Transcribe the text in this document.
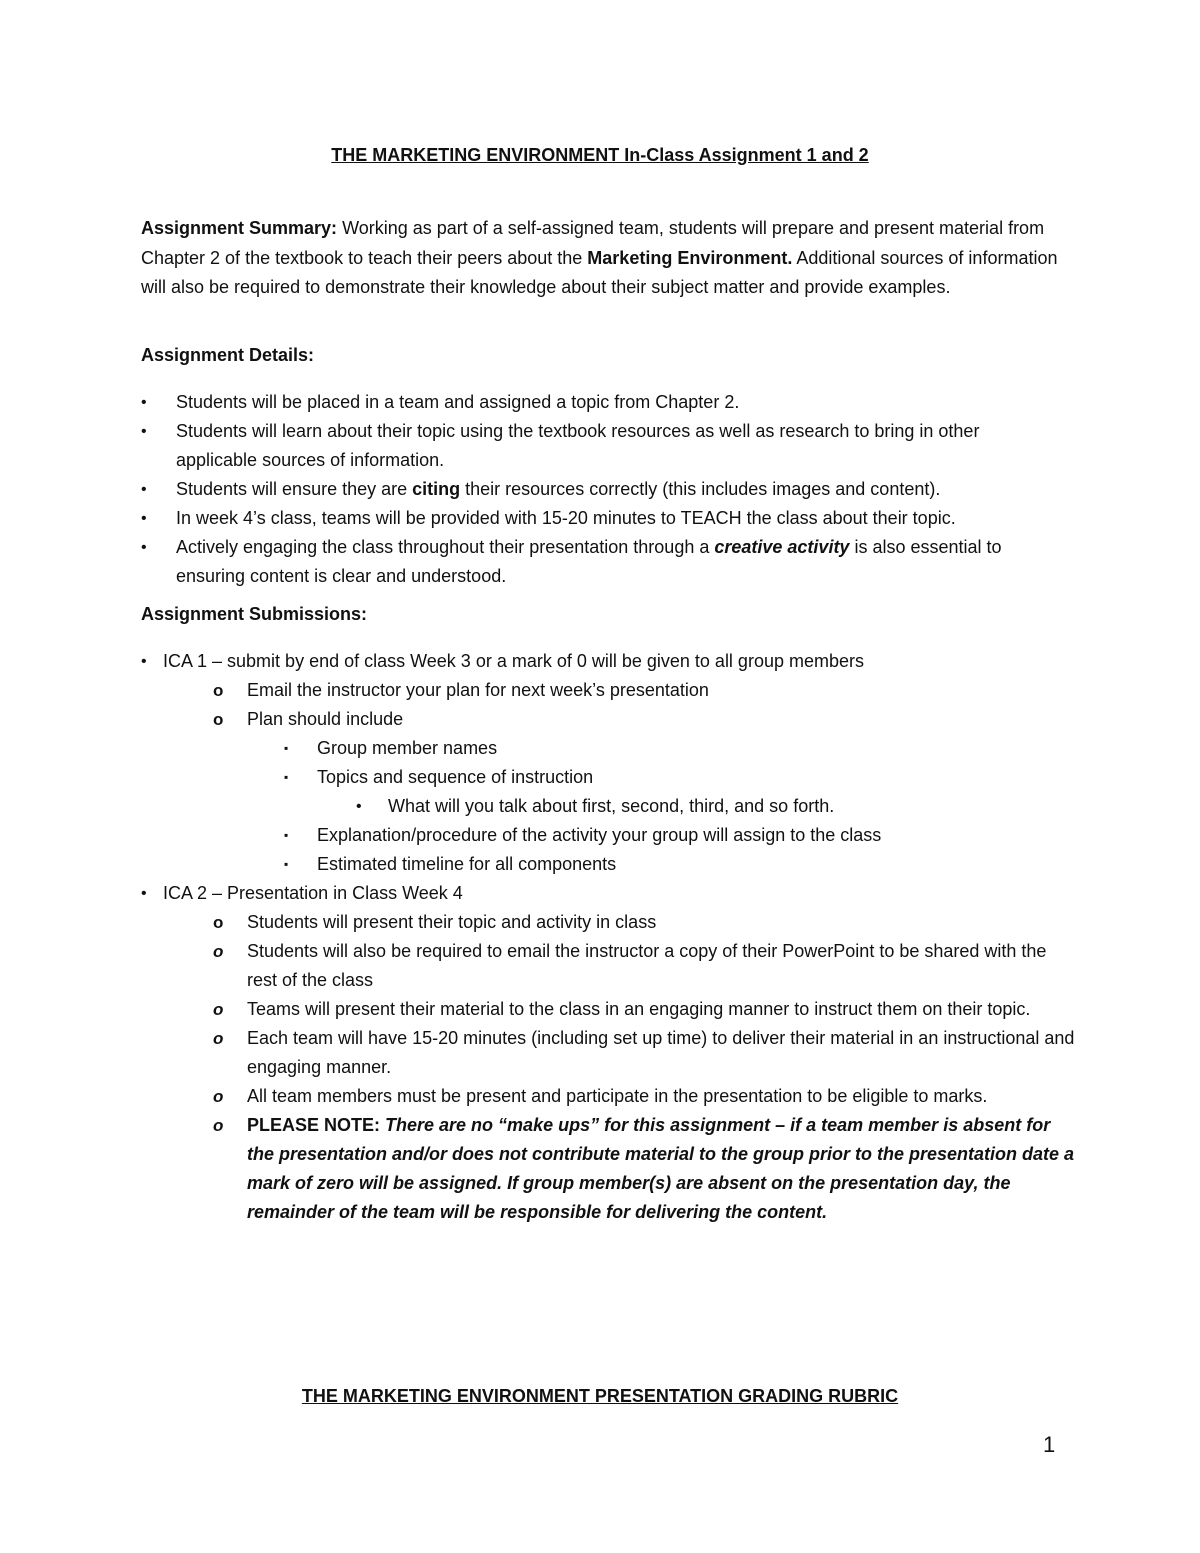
THE MARKETING ENVIRONMENT In-Class Assignment 1 and 2
Assignment Summary: Working as part of a self-assigned team, students will prepare and present material from Chapter 2 of the textbook to teach their peers about the Marketing Environment. Additional sources of information will also be required to demonstrate their knowledge about their subject matter and provide examples.
Assignment Details:
•	Students will be placed in a team and assigned a topic from Chapter 2.
•	Students will learn about their topic using the textbook resources as well as research to bring in other applicable sources of information.
•	Students will ensure they are citing their resources correctly (this includes images and content).
•	In week 4’s class, teams will be provided with 15-20 minutes to TEACH the class about their topic.
•	Actively engaging the class throughout their presentation through a creative activity is also essential to ensuring content is clear and understood.
Assignment Submissions:
• ICA 1 – submit by end of class Week 3 or a mark of 0 will be given to all group members
o Email the instructor your plan for next week’s presentation
o Plan should include
▪ Group member names
▪ Topics and sequence of instruction
• What will you talk about first, second, third, and so forth.
▪ Explanation/procedure of the activity your group will assign to the class
▪ Estimated timeline for all components
• ICA 2 – Presentation in Class Week 4
o Students will present their topic and activity in class
o Students will also be required to email the instructor a copy of their PowerPoint to be shared with the rest of the class
o Teams will present their material to the class in an engaging manner to instruct them on their topic.
o Each team will have 15-20 minutes (including set up time) to deliver their material in an instructional and engaging manner.
o All team members must be present and participate in the presentation to be eligible to marks.
o PLEASE NOTE: There are no “make ups” for this assignment – if a team member is absent for the presentation and/or does not contribute material to the group prior to the presentation date a mark of zero will be assigned. If group member(s) are absent on the presentation day, the remainder of the team will be responsible for delivering the content.
THE MARKETING ENVIRONMENT PRESENTATION GRADING RUBRIC
1
